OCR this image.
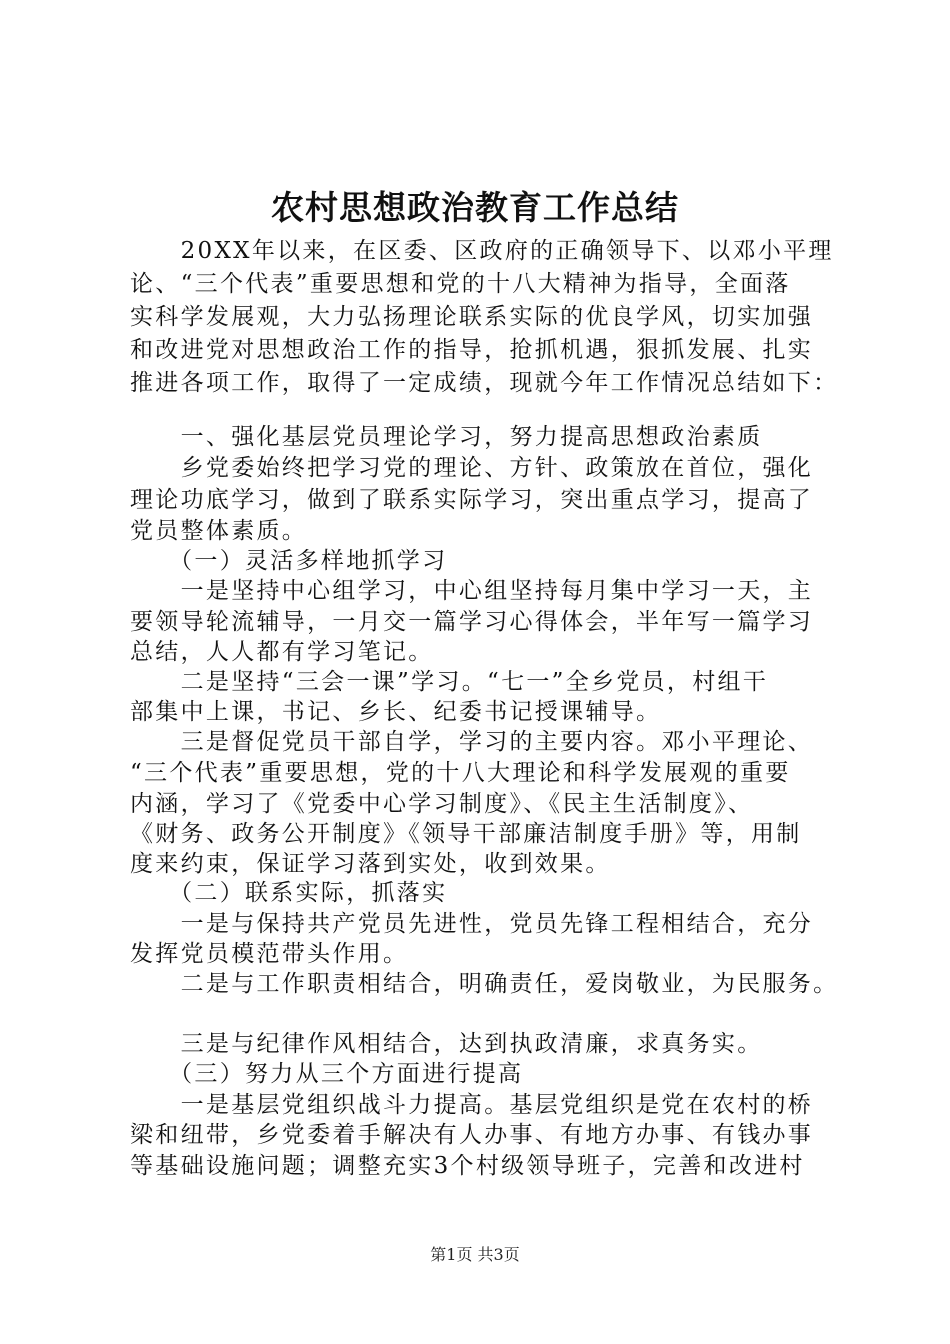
农村思想政治教育工作总结
　　20XX年以来，在区委、区政府的正确领导下、以邓小平理
论、“三个代表”重要思想和党的十八大精神为指导，全面落
实科学发展观，大力弘扬理论联系实际的优良学风，切实加强
和改进党对思想政治工作的指导，抢抓机遇，狠抓发展、扎实
推进各项工作，取得了一定成绩，现就今年工作情况总结如下：
　　一、强化基层党员理论学习，努力提高思想政治素质
　　乡党委始终把学习党的理论、方针、政策放在首位，强化
理论功底学习，做到了联系实际学习，突出重点学习，提高了
党员整体素质。
　　（一）灵活多样地抓学习
　　一是坚持中心组学习，中心组坚持每月集中学习一天，主
要领导轮流辅导，一月交一篇学习心得体会，半年写一篇学习
总结，人人都有学习笔记。
　　二是坚持“三会一课”学习。“七一”全乡党员，村组干
部集中上课，书记、乡长、纪委书记授课辅导。
　　三是督促党员干部自学，学习的主要内容。邓小平理论、
“三个代表”重要思想，党的十八大理论和科学发展观的重要
内涵，学习了《党委中心学习制度》、《民主生活制度》、
《财务、政务公开制度》《领导干部廉洁制度手册》等，用制
度来约束，保证学习落到实处，收到效果。
　　（二）联系实际，抓落实
　　一是与保持共产党员先进性，党员先锋工程相结合，充分
发挥党员模范带头作用。
　　二是与工作职责相结合，明确责任，爱岗敬业，为民服务。
　　三是与纪律作风相结合，达到执政清廉，求真务实。
　　（三）努力从三个方面进行提高
　　一是基层党组织战斗力提高。基层党组织是党在农村的桥
梁和纽带，乡党委着手解决有人办事、有地方办事、有钱办事
等基础设施问题；调整充实3个村级领导班子，完善和改进村
第1页 共3页
